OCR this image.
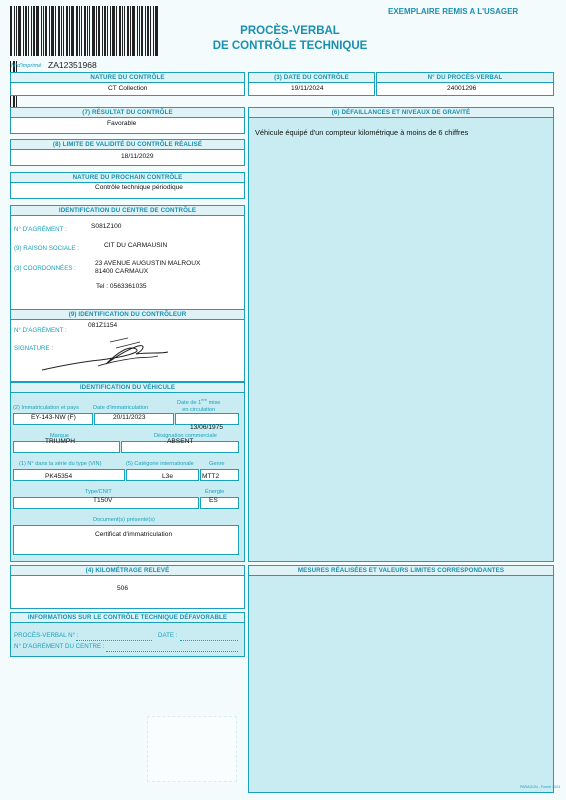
EXEMPLAIRE REMIS A L'USAGER
PROCÈS-VERBAL
DE CONTRÔLE TECHNIQUE
N°d'imprimé ZA12351968
NATURE DU CONTRÔLE
CT Collection
(3) DATE DU CONTRÔLE
19/11/2024
N° DU PROCÈS-VERBAL
24001296
(7) RÉSULTAT DU CONTRÔLE
Favorable
(6) DÉFAILLANCES ET NIVEAUX DE GRAVITÉ
Véhicule équipé d'un compteur kilométrique à moins de 6 chiffres
(8) LIMITE DE VALIDITÉ DU CONTRÔLE RÉALISÉ
18/11/2029
NATURE DU PROCHAIN CONTRÔLE
Contrôle technique périodique
IDENTIFICATION DU CENTRE DE CONTRÔLE
N° D'AGRÉMENT :	S081Z100
(9) RAISON SOCIALE :	CIT DU CARMAUSIN
(3) COORDONNÉES :
23 AVENUE AUGUSTIN MALROUX
81400 CARMAUX
Tel : 0563361035
(9) IDENTIFICATION DU CONTRÔLEUR
N° D'AGRÉMENT :
081Z1154
SIGNATURE :
IDENTIFICATION DU VÉHICULE
(2) Immatriculation et pays	Date d'immatriculation
Date de 1ère mise
en circulation
EY-143-NW (F)	20/11/2023
13/06/1975
Marque	Désignation commerciale
TRIUMPH	ABSENT
(1) N° dans la série du type (VIN)	(5) Catégorie internationale	Genre
PK45354	L3e	MTT2
Type/CNIT	Énergie
T150V	ES
Document(s) présenté(s)
Certificat d'immatriculation
(4) KILOMÉTRAGE RELEVÉ
506
MESURES RÉALISÉES ET VALEURS LIMITES CORRESPONDANTES
INFORMATIONS SUR LE CONTRÔLE TECHNIQUE DÉFAVORABLE
PROCÈS-VERBAL N° :	DATE :
N° D'AGRÉMENT DU CENTRE :
PARAGON - Forme 2024
